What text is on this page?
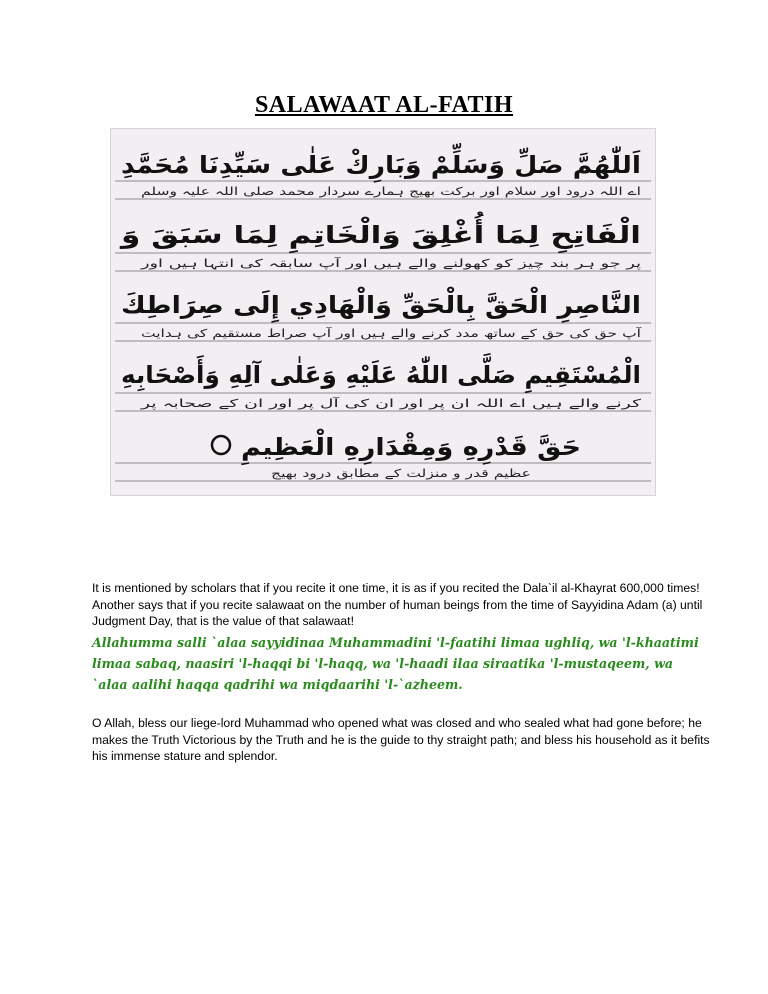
SALAWAAT AL-FATIH
اَللّٰهُمَّ صَلِّ وَسَلِّمْ وَبَارِكْ عَلٰى سَيِّدِنَا مُحَمَّدِ
اے اللہ درود اور سلام اور برکت بھیج ہمارے سردار محمد صلی اللہ علیہ وسلم
الْفَاتِحِ لِمَا أُغْلِقَ وَالْخَاتِمِ لِمَا سَبَقَ وَ
پر جو ہر بند چیز کو کھولنے والے ہیں اور آپ سابقہ کی انتہا ہیں اور
النَّاصِرِ الْحَقَّ بِالْحَقِّ وَالْهَادِي إِلَى صِرَاطِكَ
آپ حق کی حق کے ساتھ مدد کرنے والے ہیں اور آپ صراط مستقیم کی ہدایت
الْمُسْتَقِيمِ صَلَّى اللّٰهُ عَلَيْهِ وَعَلٰى آلِهِ وَأَصْحَابِهِ
کرنے والے ہیں اے اللہ ان پر اور ان کی آل پر اور ان کے صحابہ پر
حَقَّ قَدْرِهِ وَمِقْدَارِهِ الْعَظِيمِ
عظیم قدر و منزلت کے مطابق درود بھیج
It is mentioned by scholars that if you recite it one time, it is as if you recited the Dala`il al-Khayrat 600,000 times! Another says that if you recite salawaat on the number of human beings from the time of Sayyidina Adam (a) until Judgment Day, that is the value of that salawaat!
Allahumma salli `alaa sayyidinaa Muhammadini 'l-faatihi limaa ughliq, wa 'l-khaatimi limaa sabaq, naasiri 'l-haqqi bi 'l-haqq, wa 'l-haadi ilaa siraatika 'l-mustaqeem, wa `alaa aalihi haqqa qadrihi wa miqdaarihi 'l-`azheem.
O Allah, bless our liege-lord Muhammad who opened what was closed and who sealed what had gone before; he makes the Truth Victorious by the Truth and he is the guide to thy straight path; and bless his household as it befits his immense stature and splendor.
